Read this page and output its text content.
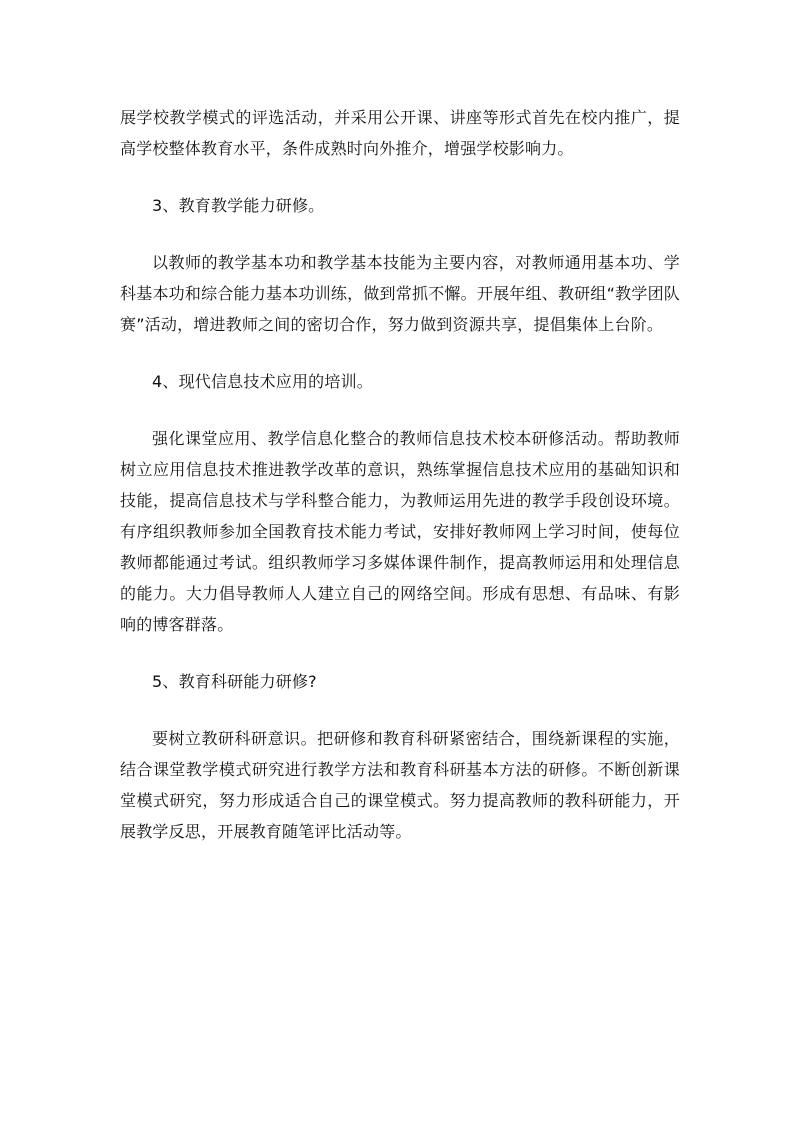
展学校教学模式的评选活动，并采用公开课、讲座等形式首先在校内推广，提高学校整体教育水平，条件成熟时向外推介，增强学校影响力。

3、教育教学能力研修。

以教师的教学基本功和教学基本技能为主要内容，对教师通用基本功、学科基本功和综合能力基本功训练，做到常抓不懈。开展年组、教研组“教学团队赛”活动，增进教师之间的密切合作，努力做到资源共享，提倡集体上台阶。

4、现代信息技术应用的培训。

强化课堂应用、教学信息化整合的教师信息技术校本研修活动。帮助教师树立应用信息技术推进教学改革的意识，熟练掌握信息技术应用的基础知识和技能，提高信息技术与学科整合能力，为教师运用先进的教学手段创设环境。有序组织教师参加全国教育技术能力考试，安排好教师网上学习时间，使每位教师都能通过考试。组织教师学习多媒体课件制作，提高教师运用和处理信息的能力。大力倡导教师人人建立自己的网络空间。形成有思想、有品味、有影响的博客群落。

5、教育科研能力研修?

要树立教研科研意识。把研修和教育科研紧密结合，围绕新课程的实施，结合课堂教学模式研究进行教学方法和教育科研基本方法的研修。不断创新课堂模式研究，努力形成适合自己的课堂模式。努力提高教师的教科研能力，开展教学反思，开展教育随笔评比活动等。
